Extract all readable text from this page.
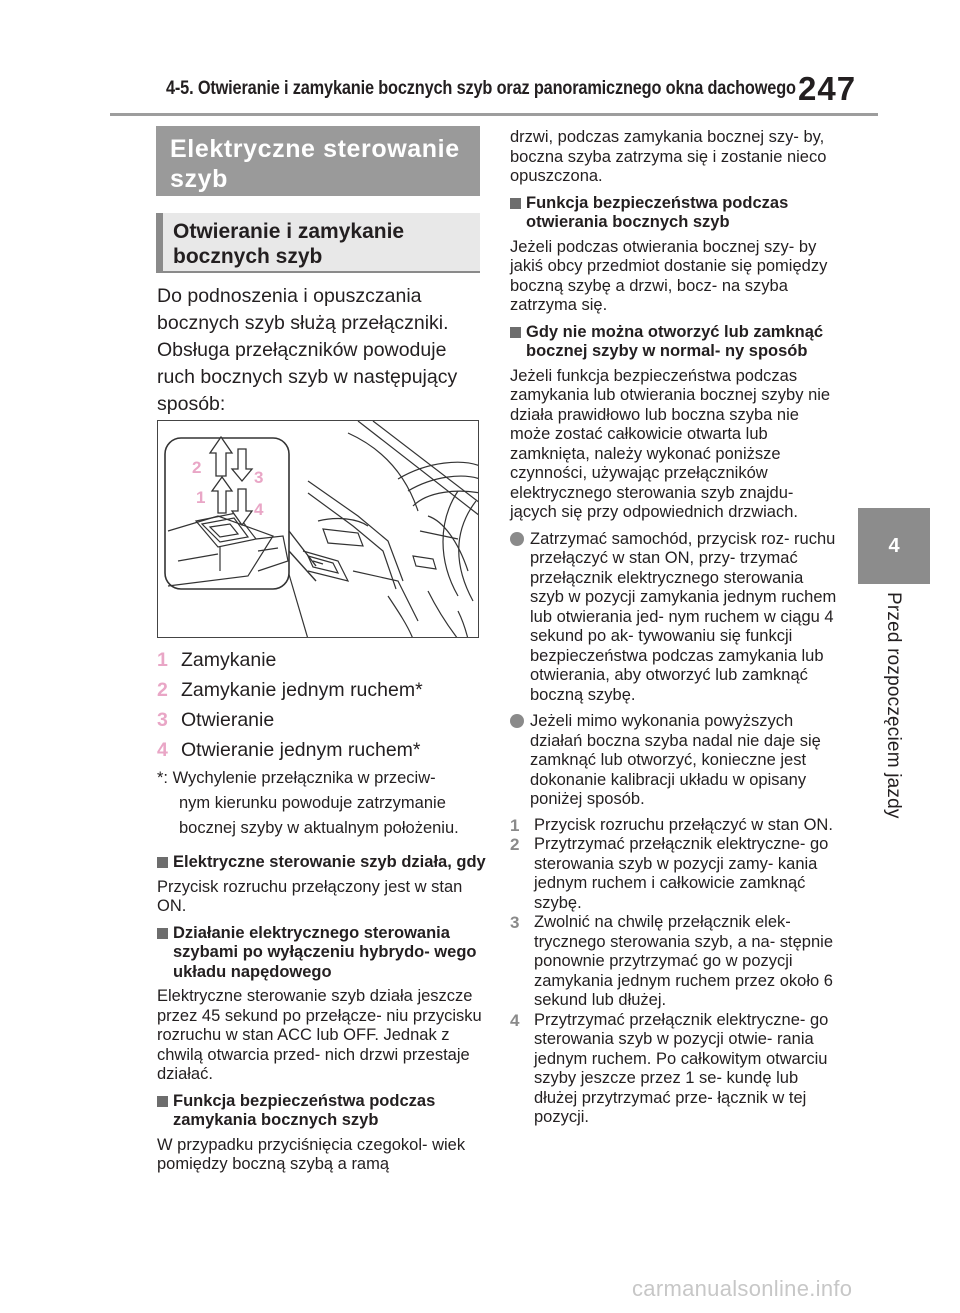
4-5. Otwieranie i zamykanie bocznych szyb oraz panoramicznego okna dachowego 247
4
Przed rozpoczęciem jazdy
Elektryczne sterowanie szyb
Otwieranie i zamykanie bocznych szyb
Do podnoszenia i opuszczania bocznych szyb służą przełączniki.
Obsługa przełączników powoduje ruch bocznych szyb w następujący sposób:
1
2
3
4
1 Zamykanie
2 Zamykanie jednym ruchem*
3 Otwieranie
4 Otwieranie jednym ruchem*
*: Wychylenie przełącznika w przeciw-
nym kierunku powoduje zatrzymanie
bocznej szyby w aktualnym położeniu.
Elektryczne sterowanie szyb działa, gdy
Przycisk rozruchu przełączony jest w stan ON.
Działanie elektrycznego sterowania szybami po wyłączeniu hybrydo- wego układu napędowego
Elektryczne sterowanie szyb działa jeszcze przez 45 sekund po przełącze- niu przycisku rozruchu w stan ACC lub OFF. Jednak z chwilą otwarcia przed- nich drzwi przestaje działać.
Funkcja bezpieczeństwa podczas zamykania bocznych szyb
W przypadku przyciśnięcia czegokol- wiek pomiędzy boczną szybą a ramą
drzwi, podczas zamykania bocznej szy- by, boczna szyba zatrzyma się i zostanie nieco opuszczona.
Funkcja bezpieczeństwa podczas otwierania bocznych szyb
Jeżeli podczas otwierania bocznej szy- by jakiś obcy przedmiot dostanie się pomiędzy boczną szybę a drzwi, bocz- na szyba zatrzyma się.
Gdy nie można otworzyć lub zamknąć bocznej szyby w normal- ny sposób
Jeżeli funkcja bezpieczeństwa podczas zamykania lub otwierania bocznej szyby nie działa prawidłowo lub boczna szyba nie może zostać całkowicie otwarta lub zamknięta, należy wykonać poniższe czynności, używając przełączników elektrycznego sterowania szyb znajdu- jących się przy odpowiednich drzwiach.
Zatrzymać samochód, przycisk roz- ruchu przełączyć w stan ON, przy- trzymać przełącznik elektrycznego sterowania szyb w pozycji zamykania jednym ruchem lub otwierania jed- nym ruchem w ciągu 4 sekund po ak- tywowaniu się funkcji bezpieczeństwa podczas zamykania lub otwierania, aby otworzyć lub zamknąć boczną szybę.
Jeżeli mimo wykonania powyższych działań boczna szyba nadal nie daje się zamknąć lub otworzyć, konieczne jest dokonanie kalibracji układu w opisany poniżej sposób.
1 Przycisk rozruchu przełączyć w stan ON.
2 Przytrzymać przełącznik elektryczne- go sterowania szyb w pozycji zamy- kania jednym ruchem i całkowicie zamknąć szybę.
3 Zwolnić na chwilę przełącznik elek- trycznego sterowania szyb, a na- stępnie ponownie przytrzymać go w pozycji zamykania jednym ruchem przez około 6 sekund lub dłużej.
4 Przytrzymać przełącznik elektryczne- go sterowania szyb w pozycji otwie- rania jednym ruchem. Po całkowitym otwarciu szyby jeszcze przez 1 se- kundę lub dłużej przytrzymać prze- łącznik w tej pozycji.
carmanualsonline.info
